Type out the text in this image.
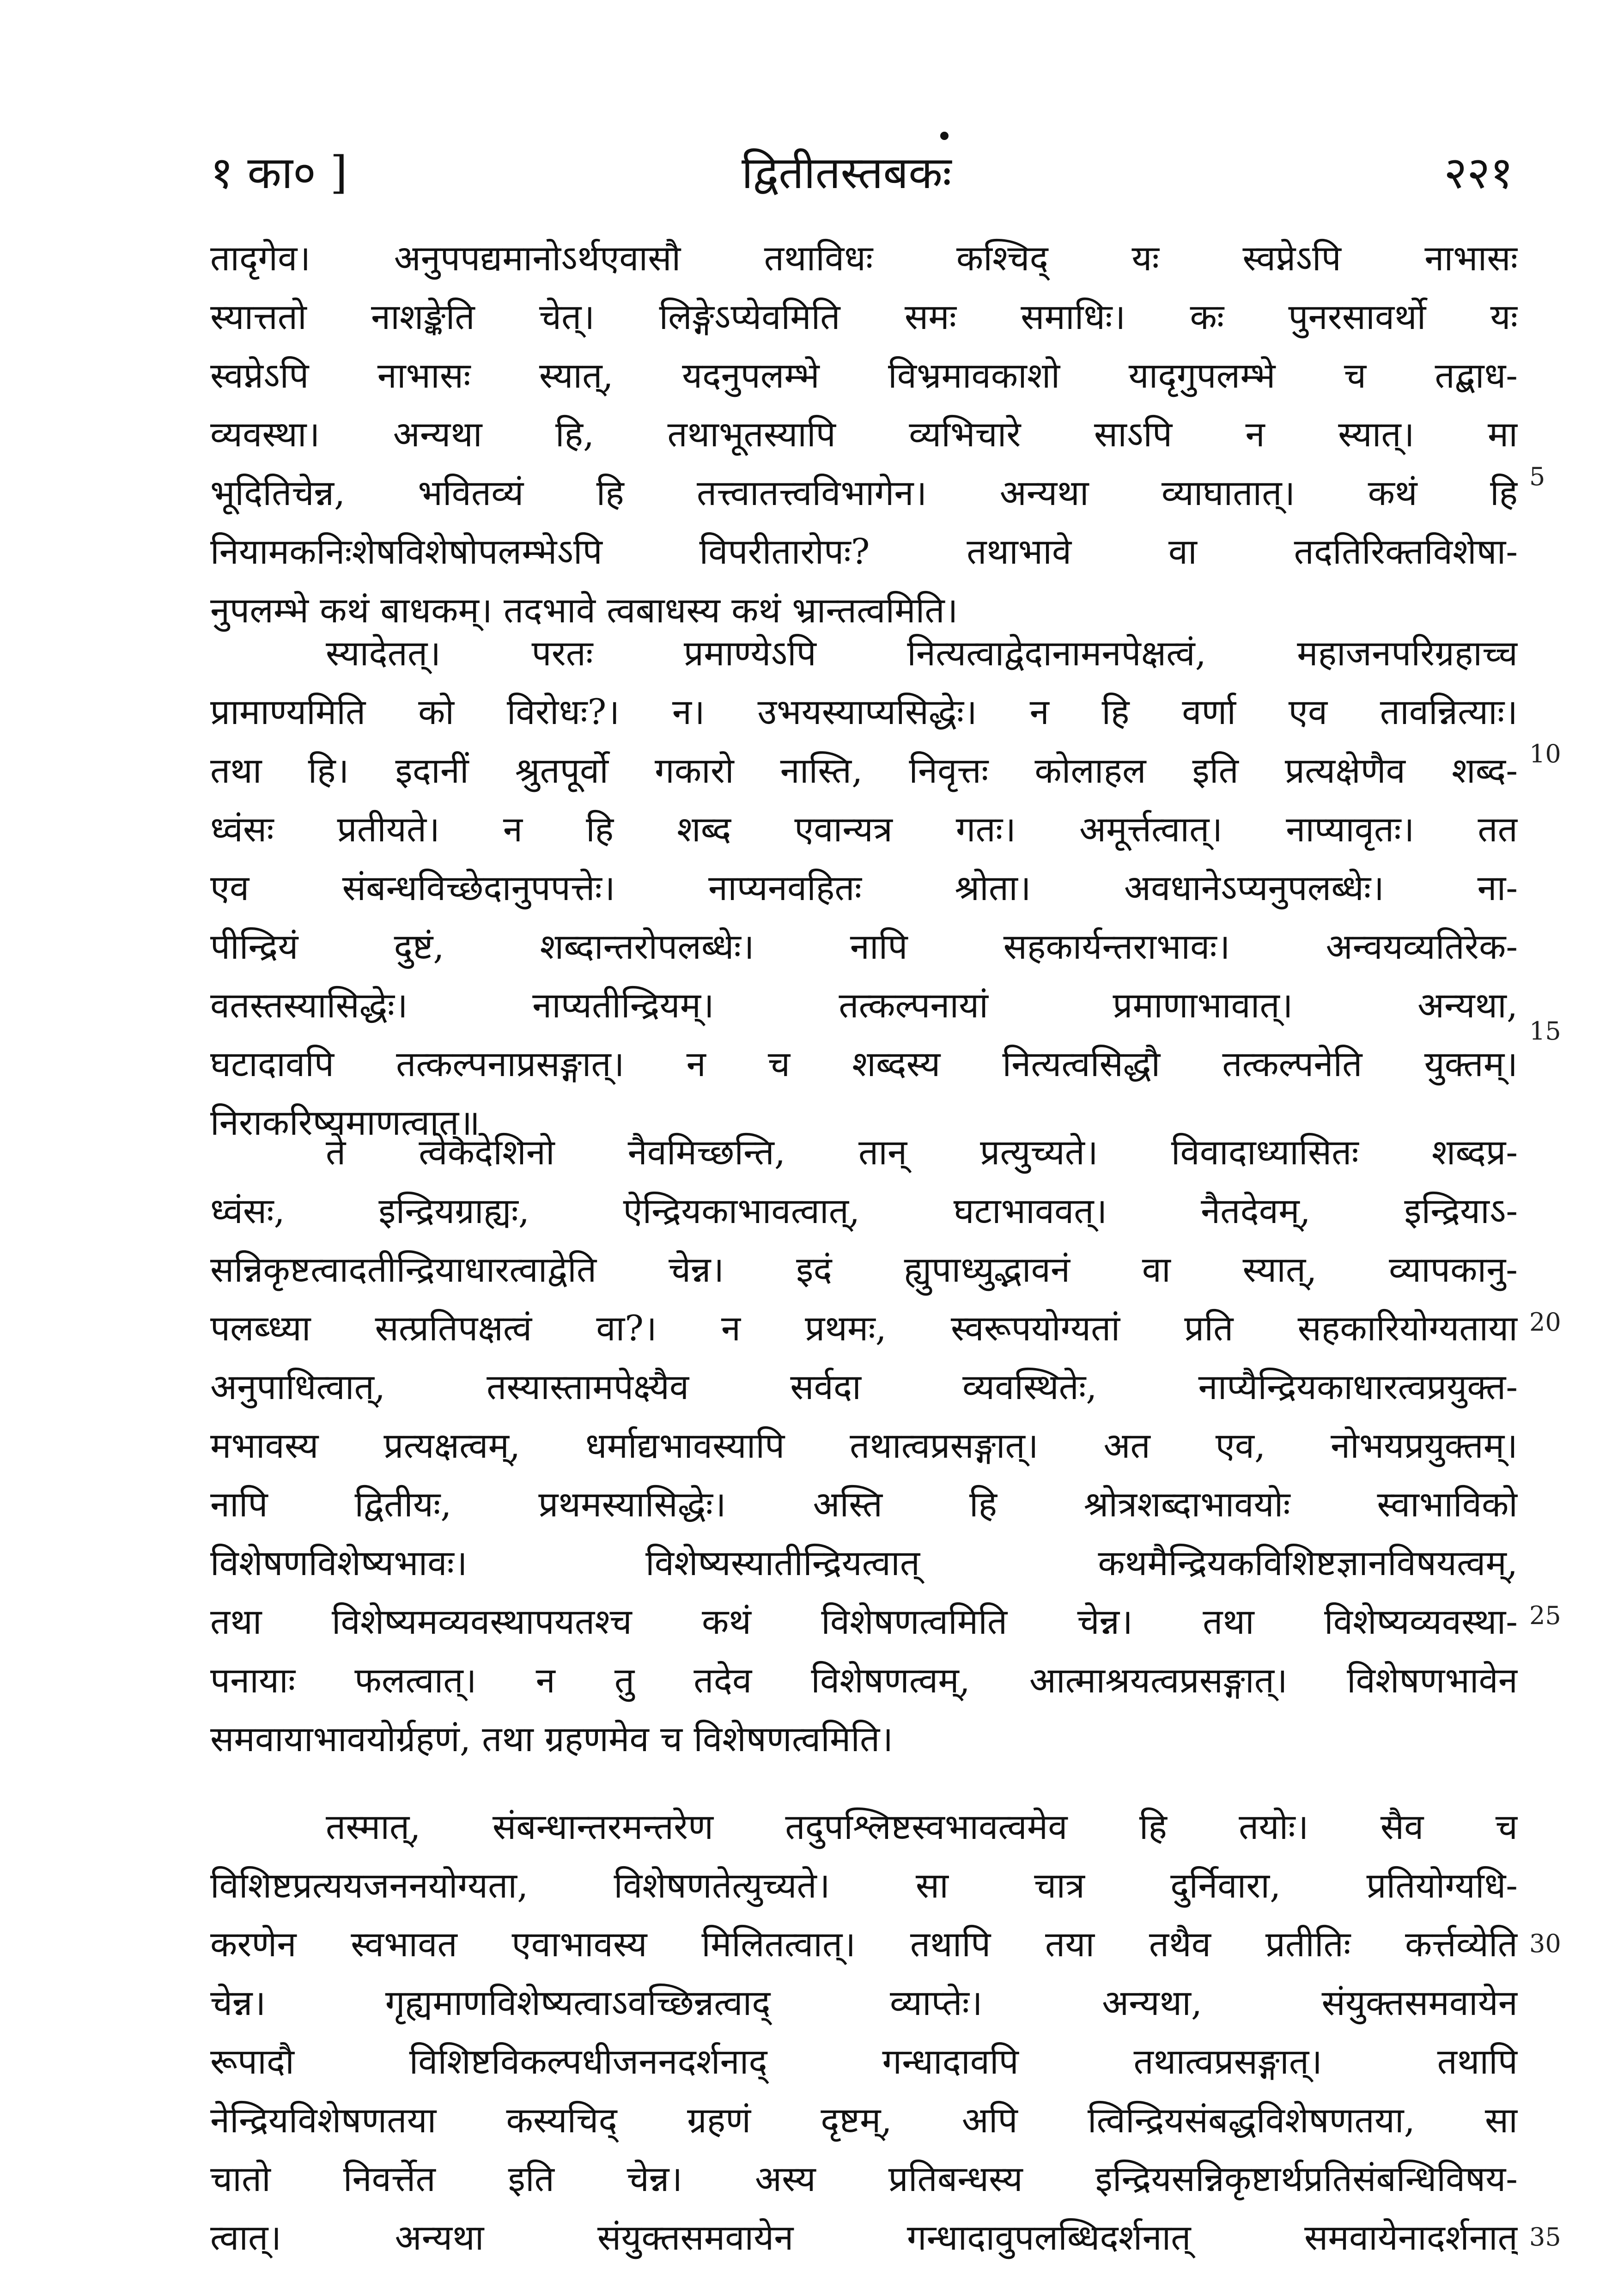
१ का० ]	द्वितीतस्तबकः	२२१
तादृगेव। अनुपपद्यमानोऽर्थएवासौ तथाविधः कश्चिद् यः स्वप्नेऽपि नाभासः
स्यात्ततो नाशङ्केति चेत्। लिङ्गेऽप्येवमिति समः समाधिः। कः पुनरसावर्थो यः
स्वप्नेऽपि नाभासः स्यात्, यदनुपलम्भे विभ्रमावकाशो यादृगुपलम्भे च तद्बाध-
व्यवस्था। अन्यथा हि, तथाभूतस्यापि व्यभिचारे साऽपि न स्यात्। मा
भूदितिचेन्न, भवितव्यं हि तत्त्वातत्त्वविभागेन। अन्यथा व्याघातात्। कथं हि
नियामकनिःशेषविशेषोपलम्भेऽपि विपरीतारोपः? तथाभावे वा तदतिरिक्तविशेषा-
नुपलम्भे कथं बाधकम्। तदभावे त्वबाधस्य कथं भ्रान्तत्वमिति।
स्यादेतत्। परतः प्रमाण्येऽपि नित्यत्वाद्वेदानामनपेक्षत्वं, महाजनपरिग्रहाच्च
प्रामाण्यमिति को विरोधः?। न। उभयस्याप्यसिद्धेः। न हि वर्णा एव तावन्नित्याः।
तथा हि। इदानीं श्रुतपूर्वो गकारो नास्ति, निवृत्तः कोलाहल इति प्रत्यक्षेणैव शब्द-
ध्वंसः प्रतीयते। न हि शब्द एवान्यत्र गतः। अमूर्त्तत्वात्। नाप्यावृतः। तत
एव संबन्धविच्छेदानुपपत्तेः। नाप्यनवहितः श्रोता। अवधानेऽप्यनुपलब्धेः। ना-
पीन्द्रियं दुष्टं, शब्दान्तरोपलब्धेः। नापि सहकार्यन्तराभावः। अन्वयव्यतिरेक-
वतस्तस्यासिद्धेः। नाप्यतीन्द्रियम्। तत्कल्पनायां प्रमाणाभावात्। अन्यथा,
घटादावपि तत्कल्पनाप्रसङ्गात्। न च शब्दस्य नित्यत्वसिद्धौ तत्कल्पनेति युक्तम्।
निराकरिष्यमाणत्वात्॥
ते त्वेकदेशिनो नैवमिच्छन्ति, तान् प्रत्युच्यते। विवादाध्यासितः शब्दप्र-
ध्वंसः, इन्द्रियग्राह्यः, ऐन्द्रियकाभावत्वात्, घटाभाववत्। नैतदेवम्, इन्द्रियाऽ-
सन्निकृष्टत्वादतीन्द्रियाधारत्वाद्वेति चेन्न। इदं ह्युपाध्युद्भावनं वा स्यात्, व्यापकानु-
पलब्ध्या सत्प्रतिपक्षत्वं वा?। न प्रथमः, स्वरूपयोग्यतां प्रति सहकारियोग्यताया
अनुपाधित्वात्, तस्यास्तामपेक्ष्यैव सर्वदा व्यवस्थितेः, नाप्यैन्द्रियकाधारत्वप्रयुक्त-
मभावस्य प्रत्यक्षत्वम्, धर्माद्यभावस्यापि तथात्वप्रसङ्गात्। अत एव, नोभयप्रयुक्तम्।
नापि द्वितीयः, प्रथमस्यासिद्धेः। अस्ति हि श्रोत्रशब्दाभावयोः स्वाभाविको
विशेषणविशेष्यभावः। विशेष्यस्यातीन्द्रियत्वात् कथमैन्द्रियकविशिष्टज्ञानविषयत्वम्,
तथा विशेष्यमव्यवस्थापयतश्च कथं विशेषणत्वमिति चेन्न। तथा विशेष्यव्यवस्था-
पनायाः फलत्वात्। न तु तदेव विशेषणत्वम्, आत्माश्रयत्वप्रसङ्गात्। विशेषणभावेन
समवायाभावयोर्ग्रहणं, तथा ग्रहणमेव च विशेषणत्वमिति।
तस्मात्, संबन्धान्तरमन्तरेण तदुपश्लिष्टस्वभावत्वमेव हि तयोः। सैव च
विशिष्टप्रत्ययजननयोग्यता, विशेषणतेत्युच्यते। सा चात्र दुर्निवारा, प्रतियोग्यधि-
करणेन स्वभावत एवाभावस्य मिलितत्वात्। तथापि तया तथैव प्रतीतिः कर्त्तव्येति
चेन्न। गृह्यमाणविशेष्यत्वाऽवच्छिन्नत्वाद् व्याप्तेः। अन्यथा, संयुक्तसमवायेन
रूपादौ विशिष्टविकल्पधीजननदर्शनाद् गन्धादावपि तथात्वप्रसङ्गात्। तथापि
नेन्द्रियविशेषणतया कस्यचिद् ग्रहणं दृष्टम्, अपि त्विन्द्रियसंबद्धविशेषणतया, सा
चातो निवर्त्तेत इति चेन्न। अस्य प्रतिबन्धस्य इन्द्रियसन्निकृष्टार्थप्रतिसंबन्धिविषय-
त्वात्। अन्यथा संयुक्तसमवायेन गन्धादावुपलब्धिदर्शनात् समवायेनादर्शनात्
5
10
15
20
25
30
35
